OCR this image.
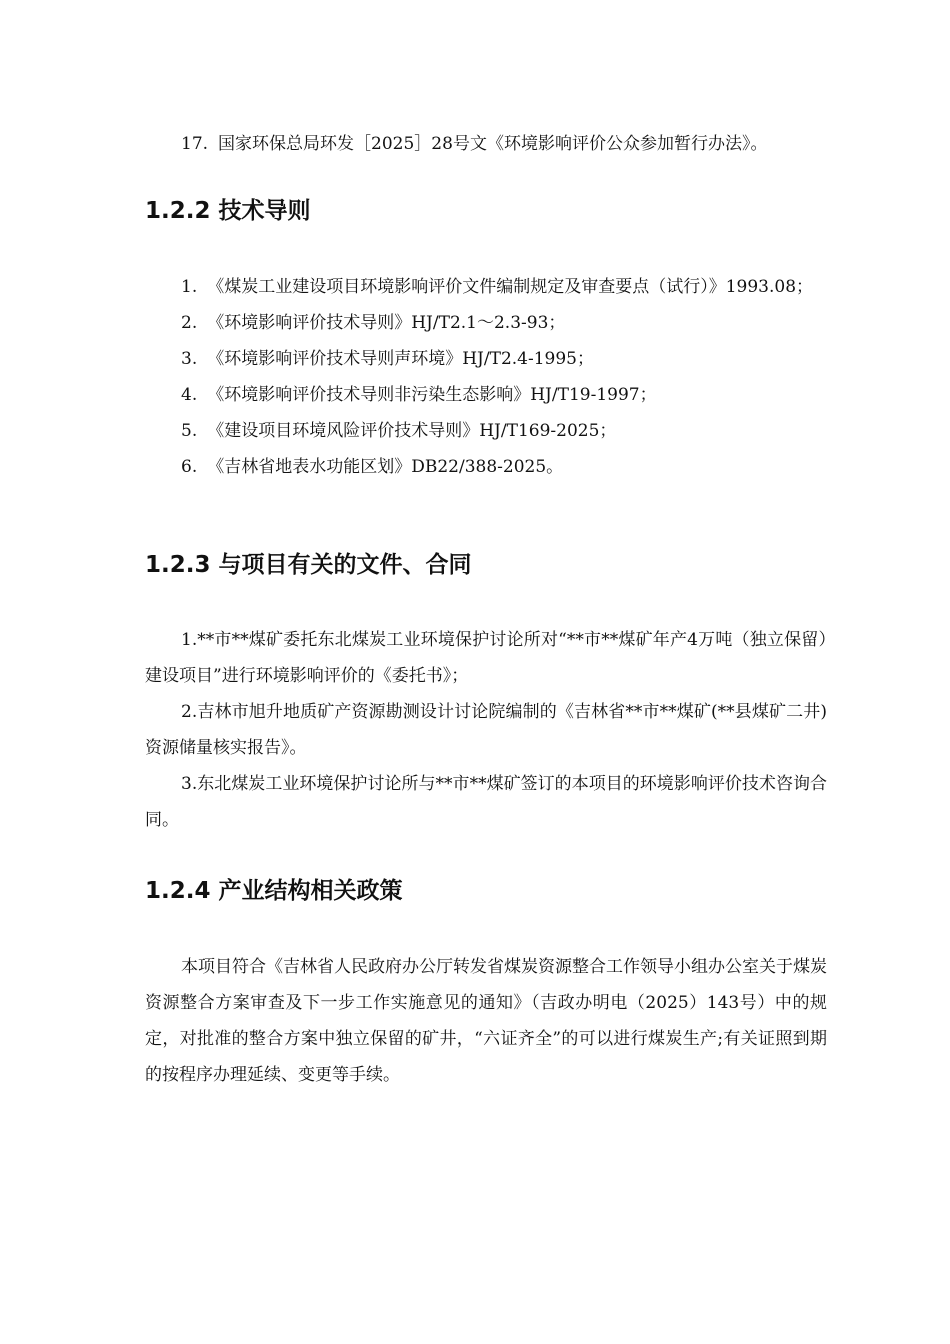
17. 国家环保总局环发［2025］28号文《环境影响评价公众参加暂行办法》。

1.2.2 技术导则

1. 《煤炭工业建设项目环境影响评价文件编制规定及审查要点（试行）》1993.08；

2. 《环境影响评价技术导则》HJ/T2.1～2.3-93；

3. 《环境影响评价技术导则声环境》HJ/T2.4-1995；

4. 《环境影响评价技术导则非污染生态影响》HJ/T19-1997；

5. 《建设项目环境风险评价技术导则》HJ/T169-2025；

6. 《吉林省地表水功能区划》DB22/388-2025。

1.2.3 与项目有关的文件、合同

1.**市**煤矿委托东北煤炭工业环境保护讨论所对“**市**煤矿年产4万吨（独立保留）建设项目”进行环境影响评价的《委托书》；

2.吉林市旭升地质矿产资源勘测设计讨论院编制的《吉林省**市**煤矿(**县煤矿二井)资源储量核实报告》。

3.东北煤炭工业环境保护讨论所与**市**煤矿签订的本项目的环境影响评价技术咨询合同。

1.2.4 产业结构相关政策

本项目符合《吉林省人民政府办公厅转发省煤炭资源整合工作领导小组办公室关于煤炭资源整合方案审查及下一步工作实施意见的通知》（吉政办明电（2025）143号）中的规定，对批准的整合方案中独立保留的矿井，“六证齐全”的可以进行煤炭生产;有关证照到期的按程序办理延续、变更等手续。
